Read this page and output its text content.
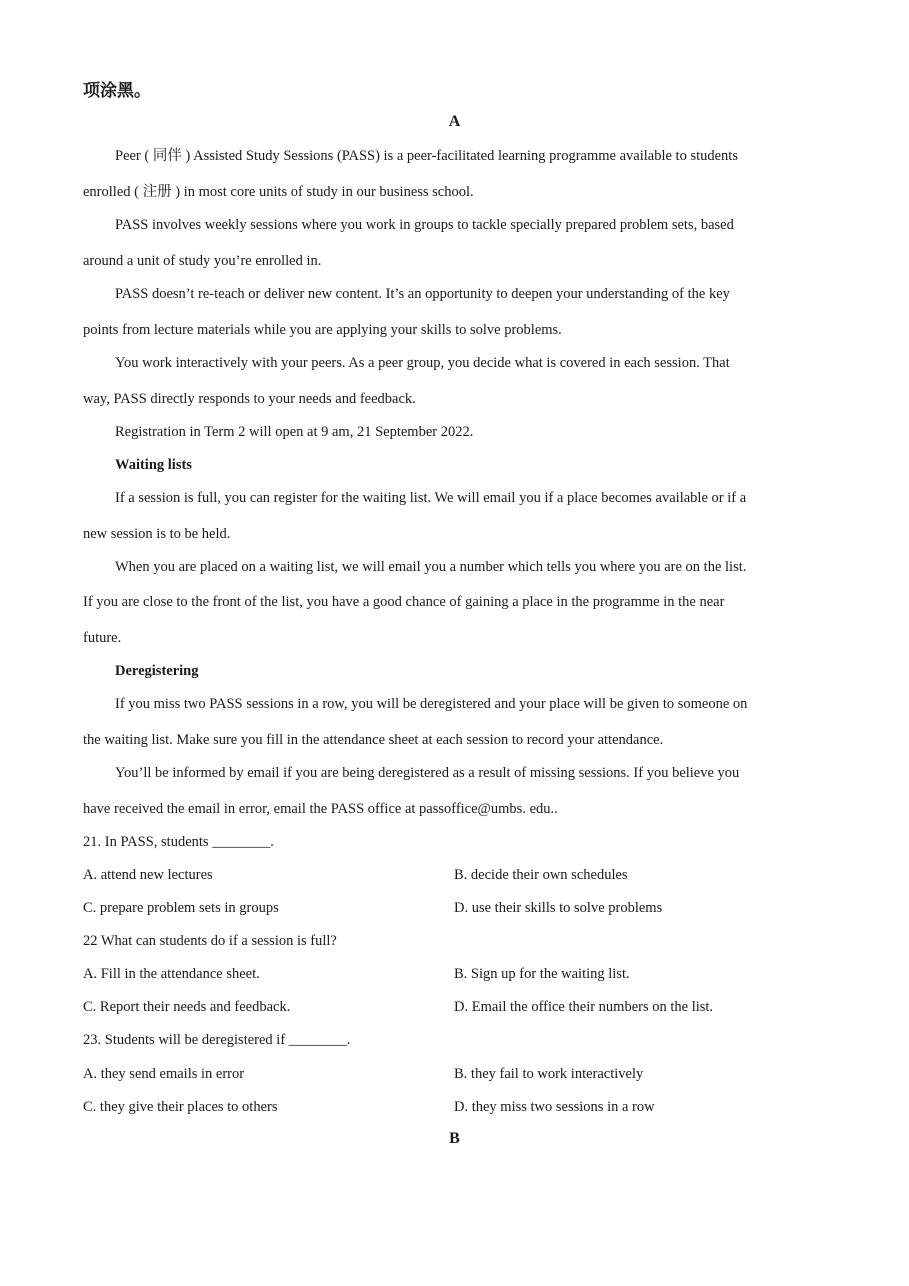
项涂黑。
A
Peer ( 同伴 ) Assisted Study Sessions (PASS) is a peer-facilitated learning programme available to students
enrolled ( 注册 ) in most core units of study in our business school.
PASS involves weekly sessions where you work in groups to tackle specially prepared problem sets, based
around a unit of study you’re enrolled in.
PASS doesn’t re-teach or deliver new content. It’s an opportunity to deepen your understanding of the key
points from lecture materials while you are applying your skills to solve problems.
You work interactively with your peers. As a peer group, you decide what is covered in each session. That
way, PASS directly responds to your needs and feedback.
Registration in Term 2 will open at 9 am, 21 September 2022.
Waiting lists
If a session is full, you can register for the waiting list. We will email you if a place becomes available or if a
new session is to be held.
When you are placed on a waiting list, we will email you a number which tells you where you are on the list.
If you are close to the front of the list, you have a good chance of gaining a place in the programme in the near
future.
Deregistering
If you miss two PASS sessions in a row, you will be deregistered and your place will be given to someone on
the waiting list. Make sure you fill in the attendance sheet at each session to record your attendance.
You’ll be informed by email if you are being deregistered as a result of missing sessions. If you believe you
have received the email in error, email the PASS office at passoffice@umbs. edu..
21. In PASS, students ________.
A. attend new lectures	B. decide their own schedules
C. prepare problem sets in groups	D. use their skills to solve problems
22 What can students do if a session is full?
A. Fill in the attendance sheet.	B. Sign up for the waiting list.
C. Report their needs and feedback.	D. Email the office their numbers on the list.
23. Students will be deregistered if ________.
A. they send emails in error	B. they fail to work interactively
C. they give their places to others	D. they miss two sessions in a row
B
